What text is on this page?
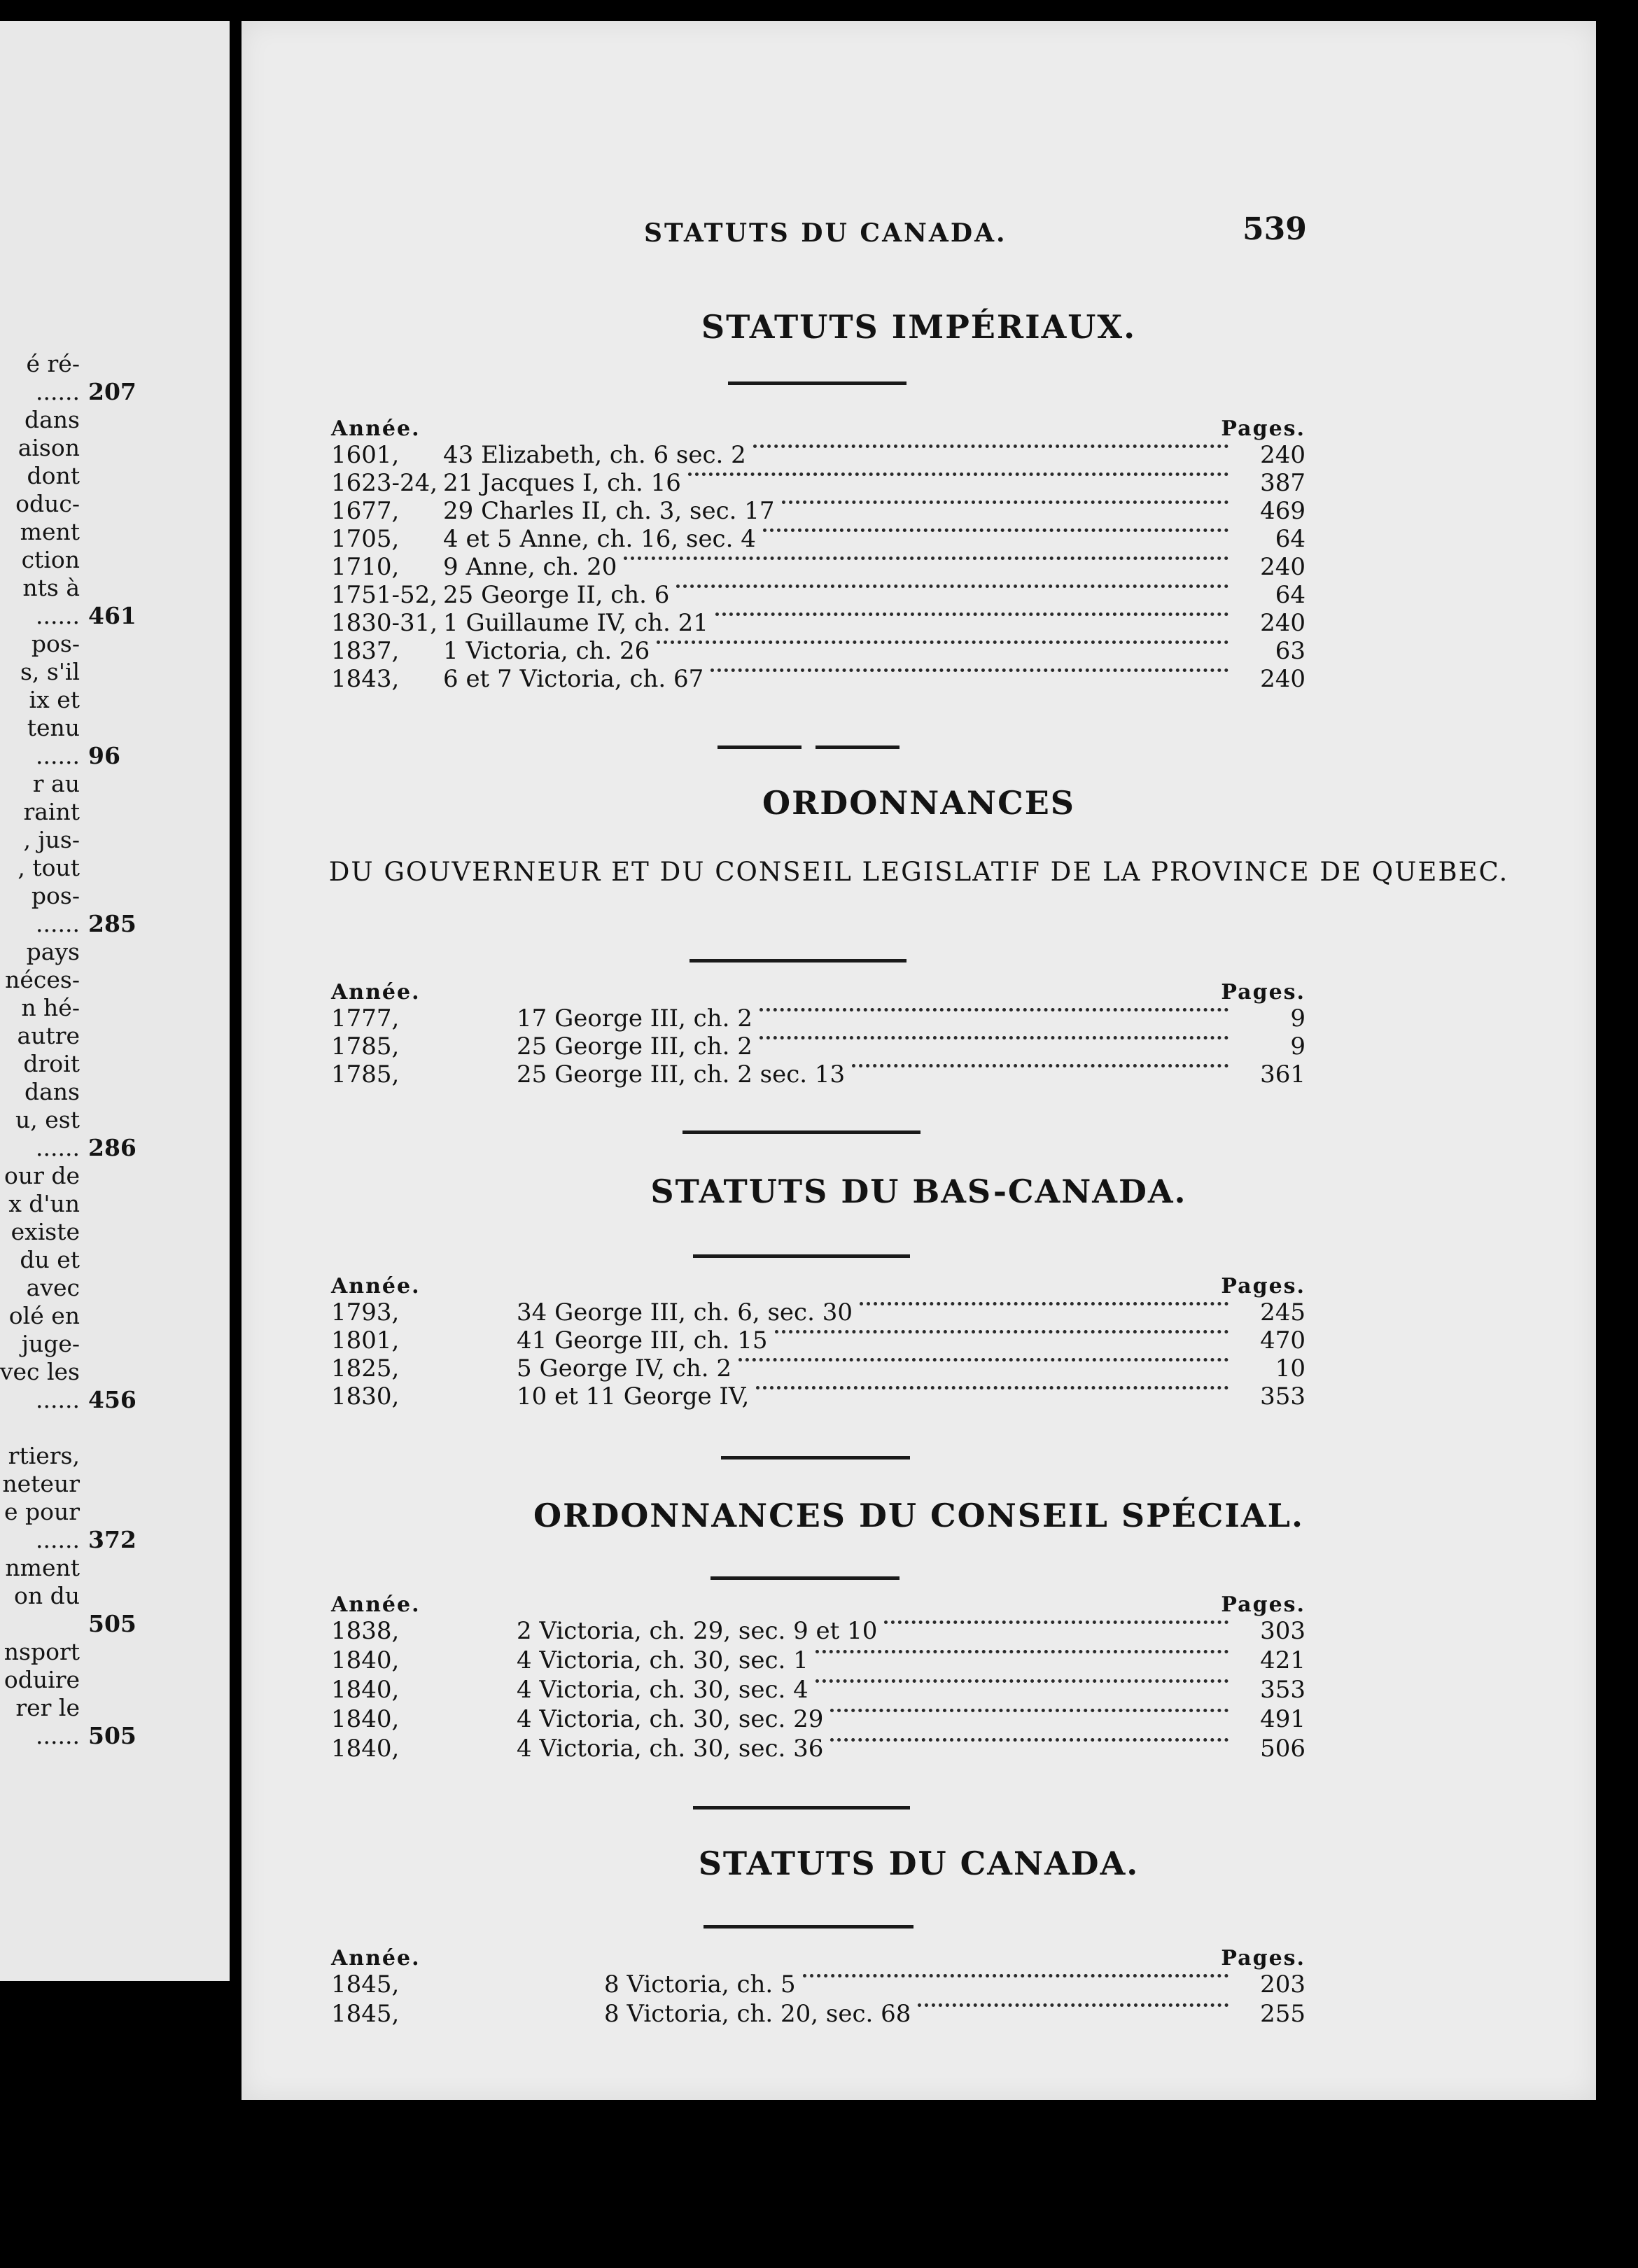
é ré-
...... 207
dans
aison
dont
oduc-
ment
ction
nts à
...... 461
pos-
s, s'il
ix et
tenu
...... 96
r au
raint
, jus-
, tout
pos-
...... 285
pays
néces-
n hé-
autre
droit
dans
u, est
...... 286
our de
x d'un
existe
du et
avec
olé en
juge-
vec les
...... 456
rtiers,
neteur
e pour
...... 372
nment
on du
505
nsport
oduire
rer le
...... 505
STATUTS DU CANADA.	539
STATUTS IMPÉRIAUX.
Année.	Pages.
1601, 43 Elizabeth, ch. 6 sec. 2	240
1623-24, 21 Jacques I, ch. 16	387
1677, 29 Charles II, ch. 3, sec. 17	469
1705, 4 et 5 Anne, ch. 16, sec. 4	64
1710, 9 Anne, ch. 20	240
1751-52, 25 George II, ch. 6	64
1830-31, 1 Guillaume IV, ch. 21	240
1837, 1 Victoria, ch. 26	63
1843, 6 et 7 Victoria, ch. 67	240
ORDONNANCES
DU GOUVERNEUR ET DU CONSEIL LEGISLATIF DE LA PROVINCE DE QUEBEC.
Année.	Pages.
1777,	17 George III, ch. 2	9
1785,	25 George III, ch. 2	9
1785,	25 George III, ch. 2 sec. 13	361
STATUTS DU BAS-CANADA.
Année.	Pages.
1793,	34 George III, ch. 6, sec. 30	245
1801,	41 George III, ch. 15	470
1825,	5 George IV, ch. 2	10
1830,	10 et 11 George IV,	353
ORDONNANCES DU CONSEIL SPÉCIAL.
Année.	Pages.
1838,	2 Victoria, ch. 29, sec. 9 et 10	303
1840,	4 Victoria, ch. 30, sec. 1	421
1840,	4 Victoria, ch. 30, sec. 4	353
1840,	4 Victoria, ch. 30, sec. 29	491
1840,	4 Victoria, ch. 30, sec. 36	506
STATUTS DU CANADA.
Année.	Pages.
1845,	8 Victoria, ch. 5	203
1845,	8 Victoria, ch. 20, sec. 68	255
